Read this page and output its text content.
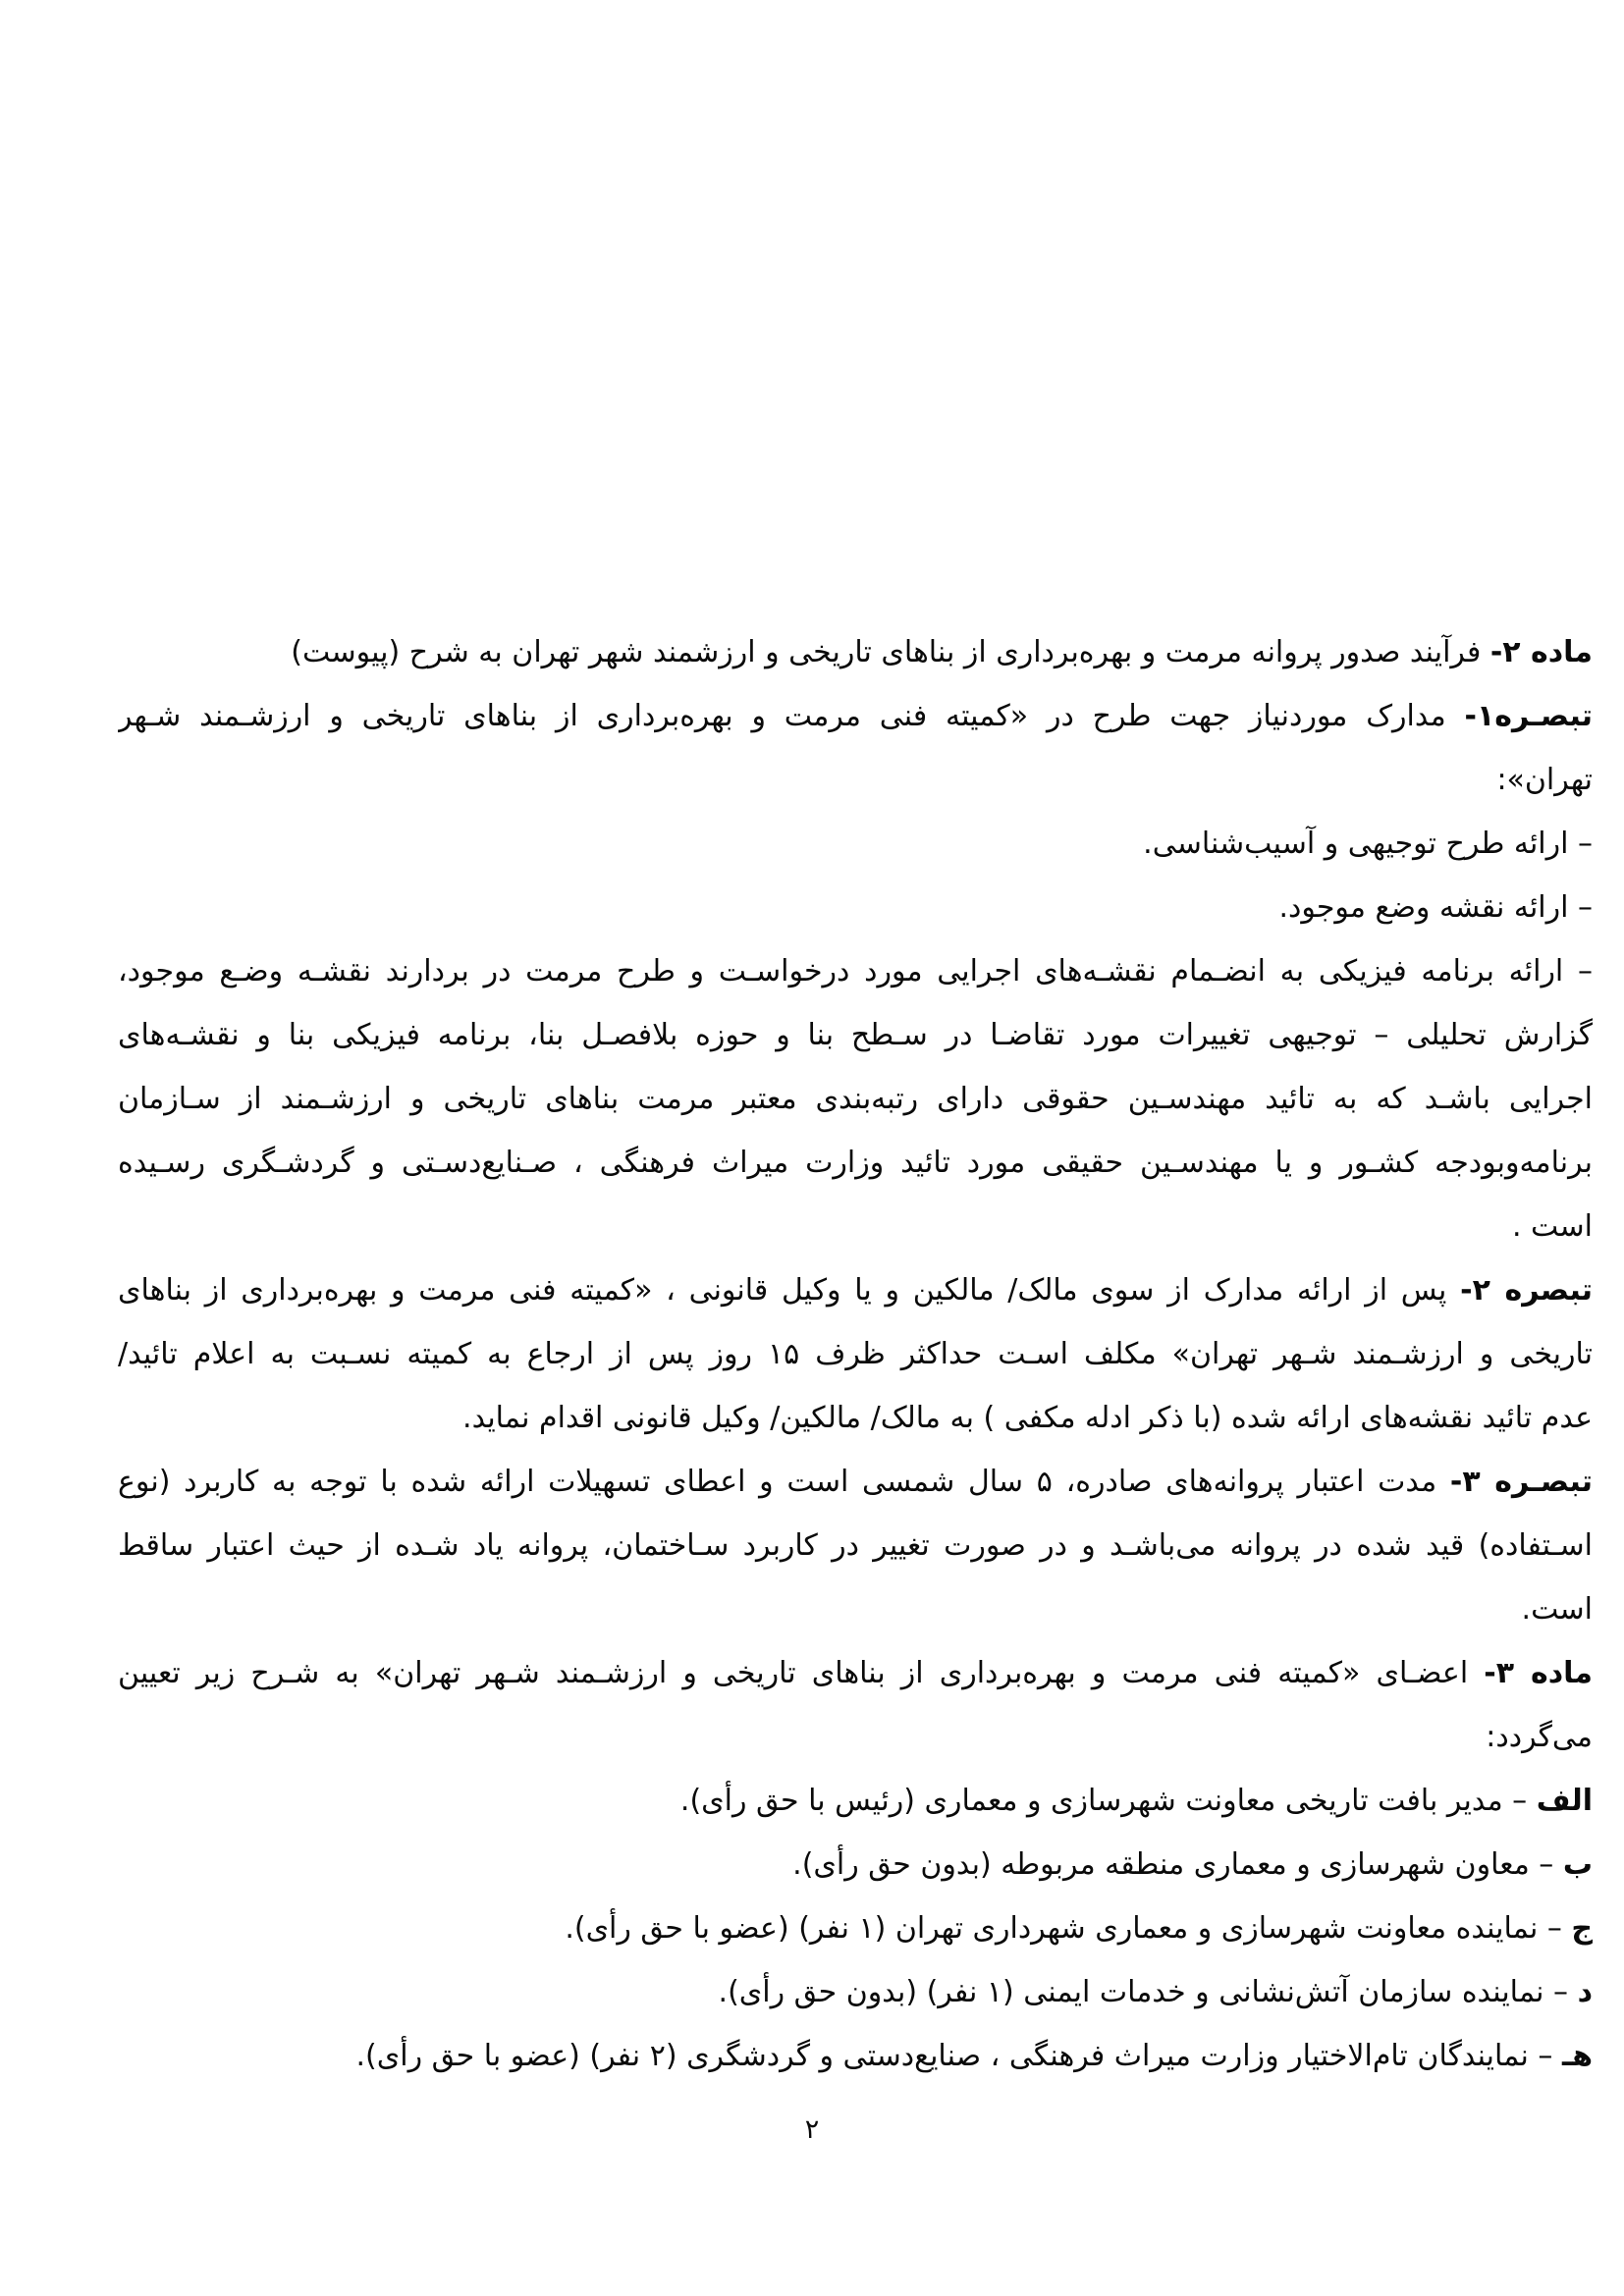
ماده ۲- فرآیند صدور پروانه مرمت و بهره‌برداری از بناهای تاریخی و ارزشمند شهر تهران به شرح (پیوست)
تبصـره۱- مدارک موردنیاز جهت طرح در «کمیته فنی مرمت و بهره‌برداری از بناهای تاریخی و ارزشـمند شـهر
تهران»:
– ارائه طرح توجیهی و آسیب‌شناسی.
– ارائه نقشه وضع موجود.
– ارائه برنامه فیزیکی به انضـمام نقشـه‌های اجرایی مورد درخواسـت و طرح مرمت در بردارند نقشـه وضـع موجود،
گزارش تحلیلی – توجیهی تغییرات مورد تقاضـا در سـطح بنا و حوزه بلافصـل بنا، برنامه فیزیکی بنا و نقشـه‌های
اجرایی باشـد که به تائید مهندسـین حقوقی دارای رتبه‌بندی معتبر مرمت بناهای تاریخی و ارزشـمند از سـازمان
برنامه‌وبودجه کشـور و یا مهندسـین حقیقی مورد تائید وزارت میراث فرهنگی ، صـنایع‌دسـتی و گردشـگری رسـیده
است .
تبصره ۲- پس از ارائه مدارک از سوی مالک/ مالکین و یا وکیل قانونی ، «کمیته فنی مرمت و بهره‌برداری از بناهای
تاریخی و ارزشـمند شـهر تهران» مکلف اسـت حداکثر ظرف ۱۵ روز پس از ارجاع به کمیته نسـبت به اعلام تائید/
عدم تائید نقشه‌های ارائه شده (با ذکر ادله مکفی ) به مالک/ مالکین/ وکیل قانونی اقدام نماید.
تبصـره ۳- مدت اعتبار پروانه‌های صادره، ۵ سال شمسی است و اعطای تسهیلات ارائه شده با توجه به کاربرد (نوع
اسـتفاده) قید شده در پروانه می‌باشـد و در صورت تغییر در کاربرد سـاختمان، پروانه یاد شـده از حیث اعتبار ساقط
است.
ماده ۳- اعضـای «کمیته فنی مرمت و بهره‌برداری از بناهای تاریخی و ارزشـمند شـهر تهران» به شـرح زیر تعیین
می‌گردد:
الف – مدیر بافت تاریخی معاونت شهرسازی و معماری (رئیس با حق رأی).
ب – معاون شهرسازی و معماری منطقه مربوطه (بدون حق رأی).
ج – نماینده معاونت شهرسازی و معماری شهرداری تهران (۱ نفر) (عضو با حق رأی).
د – نماینده سازمان آتش‌نشانی و خدمات ایمنی (۱ نفر) (بدون حق رأی).
هـ – نمایندگان تام‌الاختیار وزارت میراث فرهنگی ، صنایع‌دستی و گردشگری (۲ نفر) (عضو با حق رأی).
۲
